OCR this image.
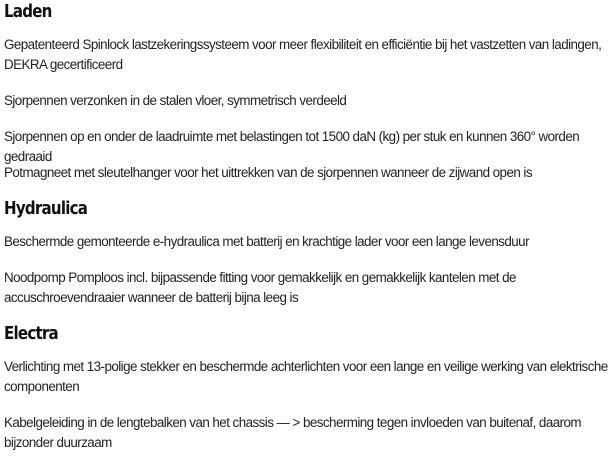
Laden

Gepatenteerd Spinlock lastzekeringssysteem voor meer flexibiliteit en efficiëntie bij het vastzetten van ladingen, DEKRA gecertificeerd

Sjorpennen verzonken in de stalen vloer, symmetrisch verdeeld

Sjorpennen op en onder de laadruimte met belastingen tot 1500 daN (kg) per stuk en kunnen 360° worden gedraaid

Potmagneet met sleutelhanger voor het uittrekken van de sjorpennen wanneer de zijwand open is

Hydraulica

Beschermde gemonteerde e-hydraulica met batterij en krachtige lader voor een lange levensduur

Noodpomp Pomploos incl. bijpassende fitting voor gemakkelijk en gemakkelijk kantelen met de accuschroevendraaier wanneer de batterij bijna leeg is

Electra

Verlichting met 13-polige stekker en beschermde achterlichten voor een lange en veilige werking van elektrische componenten

Kabelgeleiding in de lengtebalken van het chassis — > bescherming tegen invloeden van buitenaf, daarom bijzonder duurzaam
